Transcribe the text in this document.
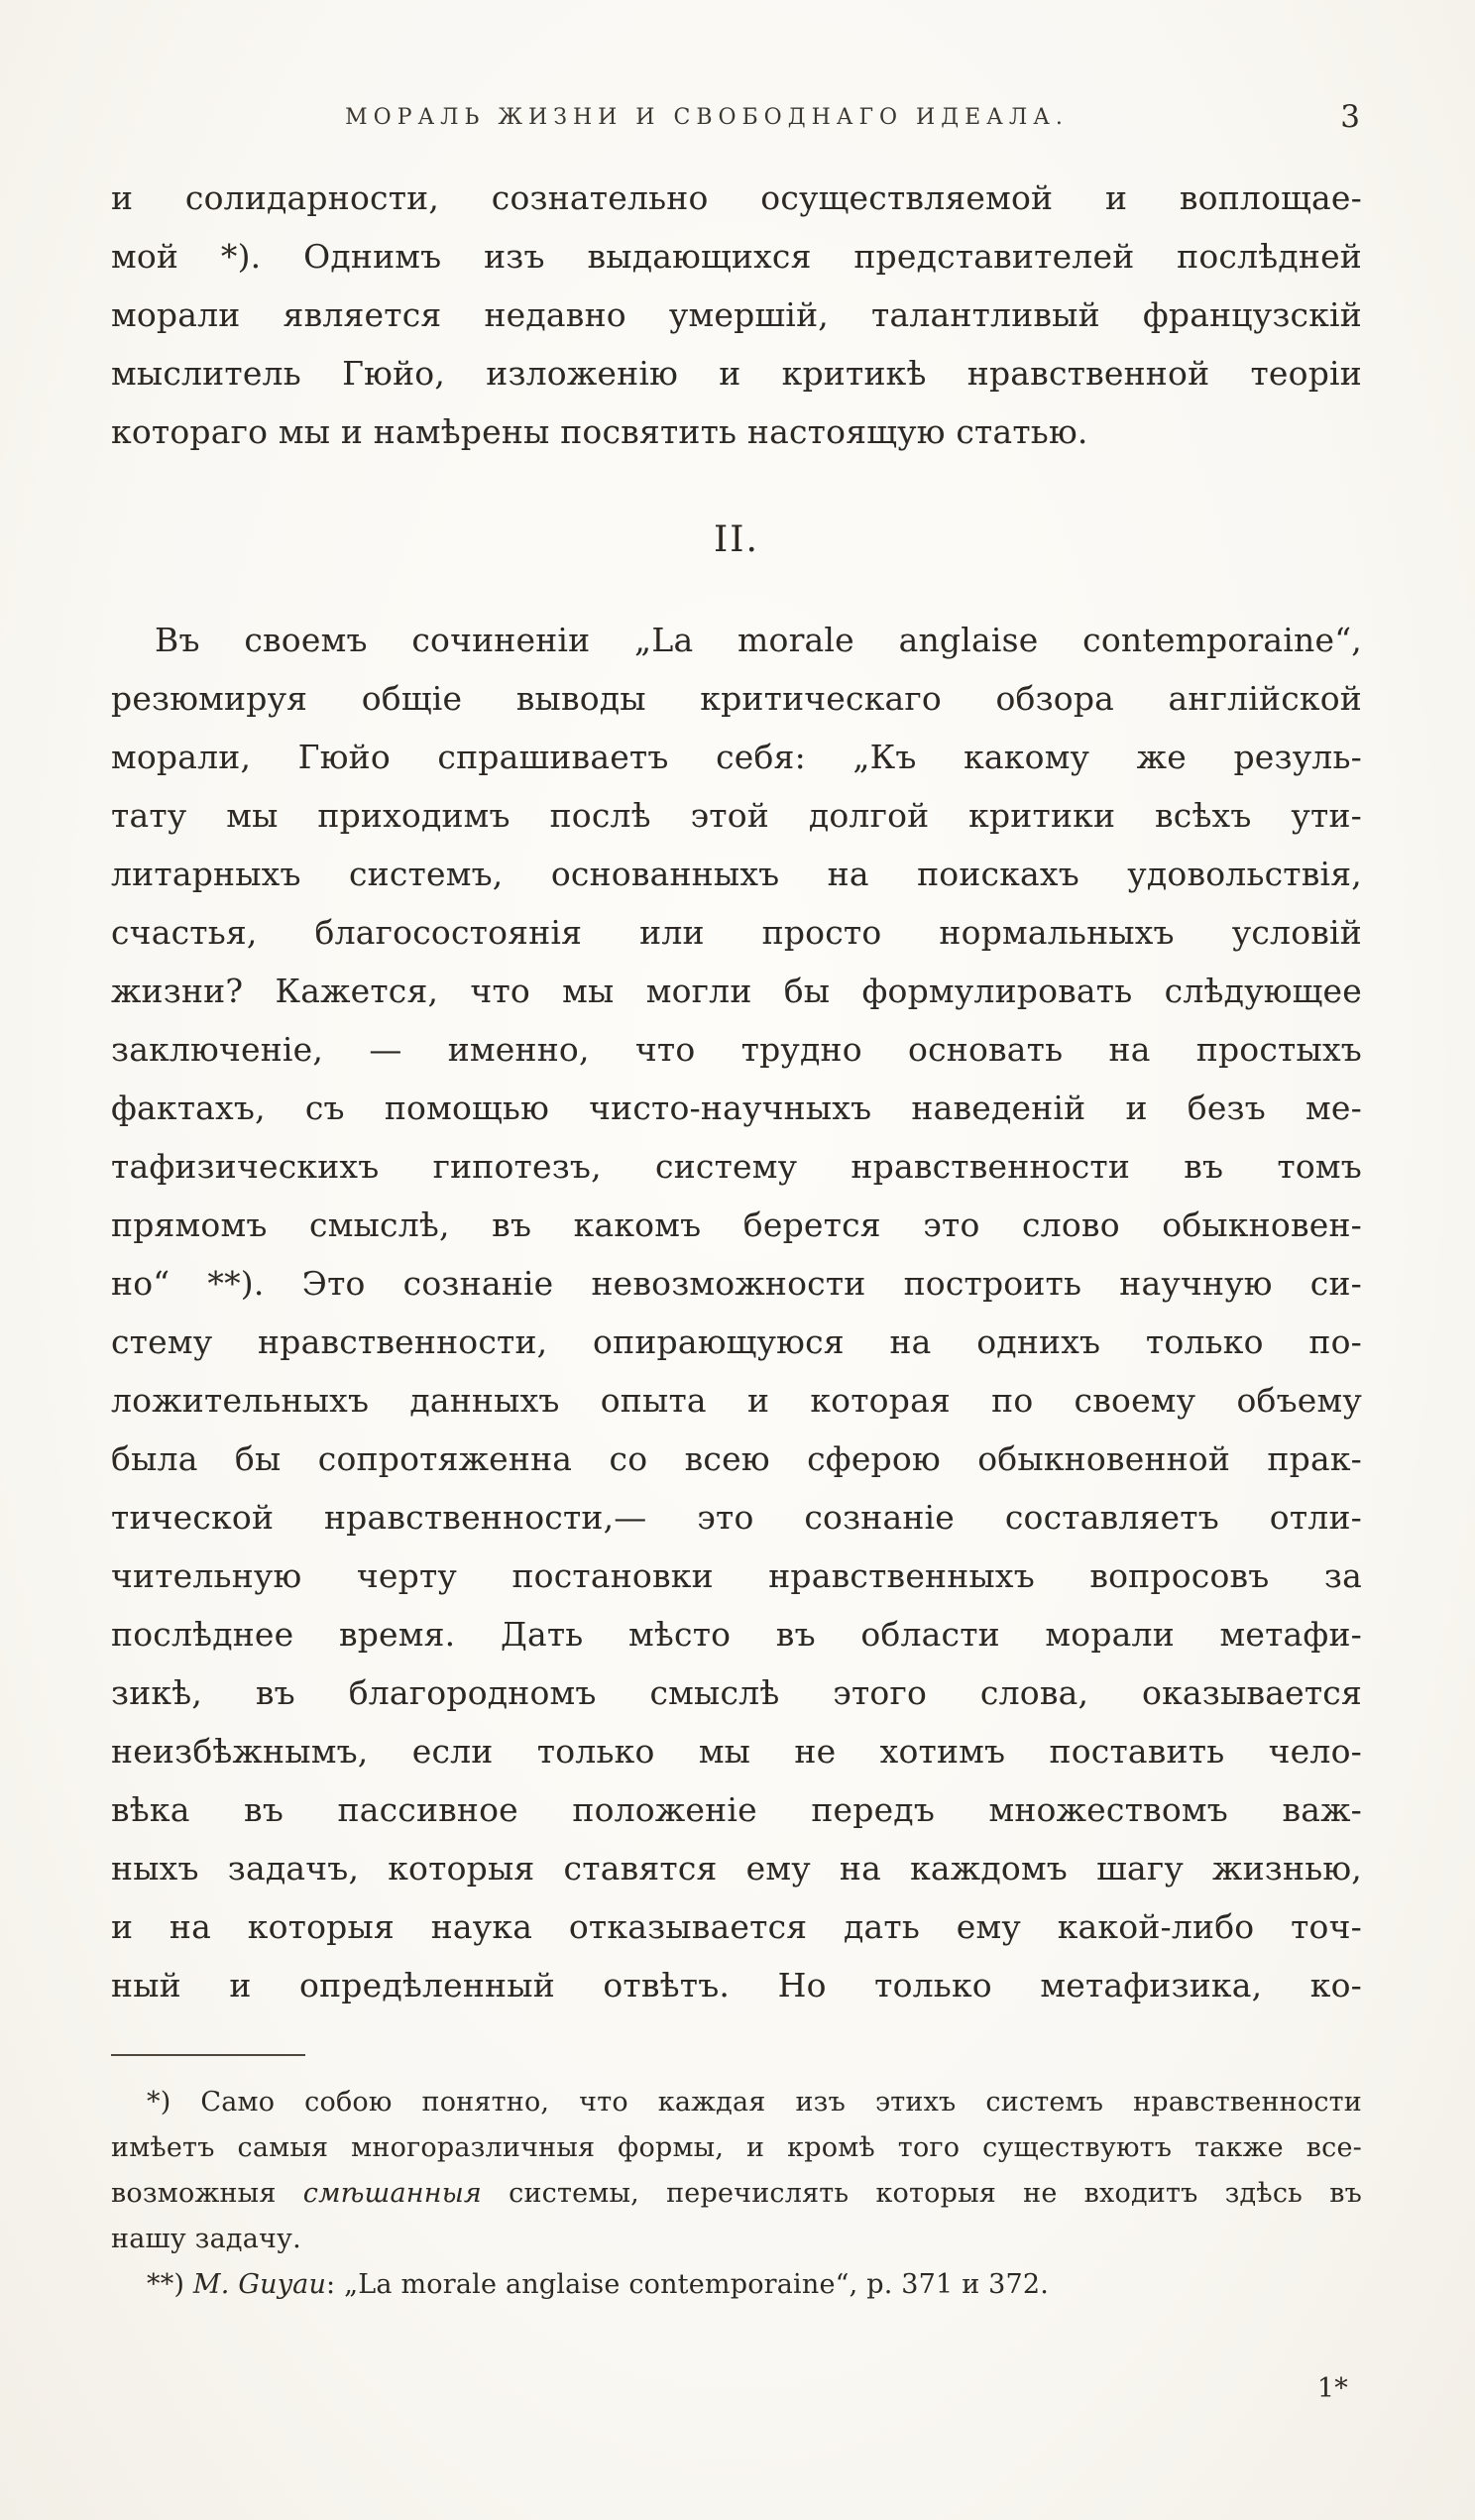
МОРАЛЬ ЖИЗНИ И СВОБОДНАГО ИДЕАЛА.	3
и солидарности, сознательно осуществляемой и воплощае-
мой *). Однимъ изъ выдающихся представителей послѣдней
морали является недавно умершій, талантливый французскій
мыслитель Гюйо, изложенію и критикѣ нравственной теоріи
котораго мы и намѣрены посвятить настоящую статью.
II.
Въ своемъ сочиненіи „La morale anglaise contemporaine“,
резюмируя общіе выводы критическаго обзора англійской
морали, Гюйо спрашиваетъ себя: „Къ какому же резуль-
тату мы приходимъ послѣ этой долгой критики всѣхъ ути-
литарныхъ системъ, основанныхъ на поискахъ удовольствія,
счастья, благосостоянія или просто нормальныхъ условій
жизни? Кажется, что мы могли бы формулировать слѣдующее
заключеніе, — именно, что трудно основать на простыхъ
фактахъ, съ помощью чисто-научныхъ наведеній и безъ ме-
тафизическихъ гипотезъ, систему нравственности въ томъ
прямомъ смыслѣ, въ какомъ берется это слово обыкновен-
но“ **). Это сознаніе невозможности построить научную си-
стему нравственности, опирающуюся на однихъ только по-
ложительныхъ данныхъ опыта и которая по своему объему
была бы сопротяженна со всею сферою обыкновенной прак-
тической нравственности,— это сознаніе составляетъ отли-
чительную черту постановки нравственныхъ вопросовъ за
послѣднее время. Дать мѣсто въ области морали метафи-
зикѣ, въ благородномъ смыслѣ этого слова, оказывается
неизбѣжнымъ, если только мы не хотимъ поставить чело-
вѣка въ пассивное положеніе передъ множествомъ важ-
ныхъ задачъ, которыя ставятся ему на каждомъ шагу жизнью,
и на которыя наука отказывается дать ему какой-либо точ-
ный и опредѣленный отвѣтъ. Но только метафизика, ко-
*) Само собою понятно, что каждая изъ этихъ системъ нравственности
имѣетъ самыя многоразличныя формы, и кромѣ того существуютъ также все-
возможныя смѣшанныя системы, перечислять которыя не входитъ здѣсь въ
нашу задачу.
**) М. Guyau: „La morale anglaise contemporaine“, p. 371 и 372.
1*
